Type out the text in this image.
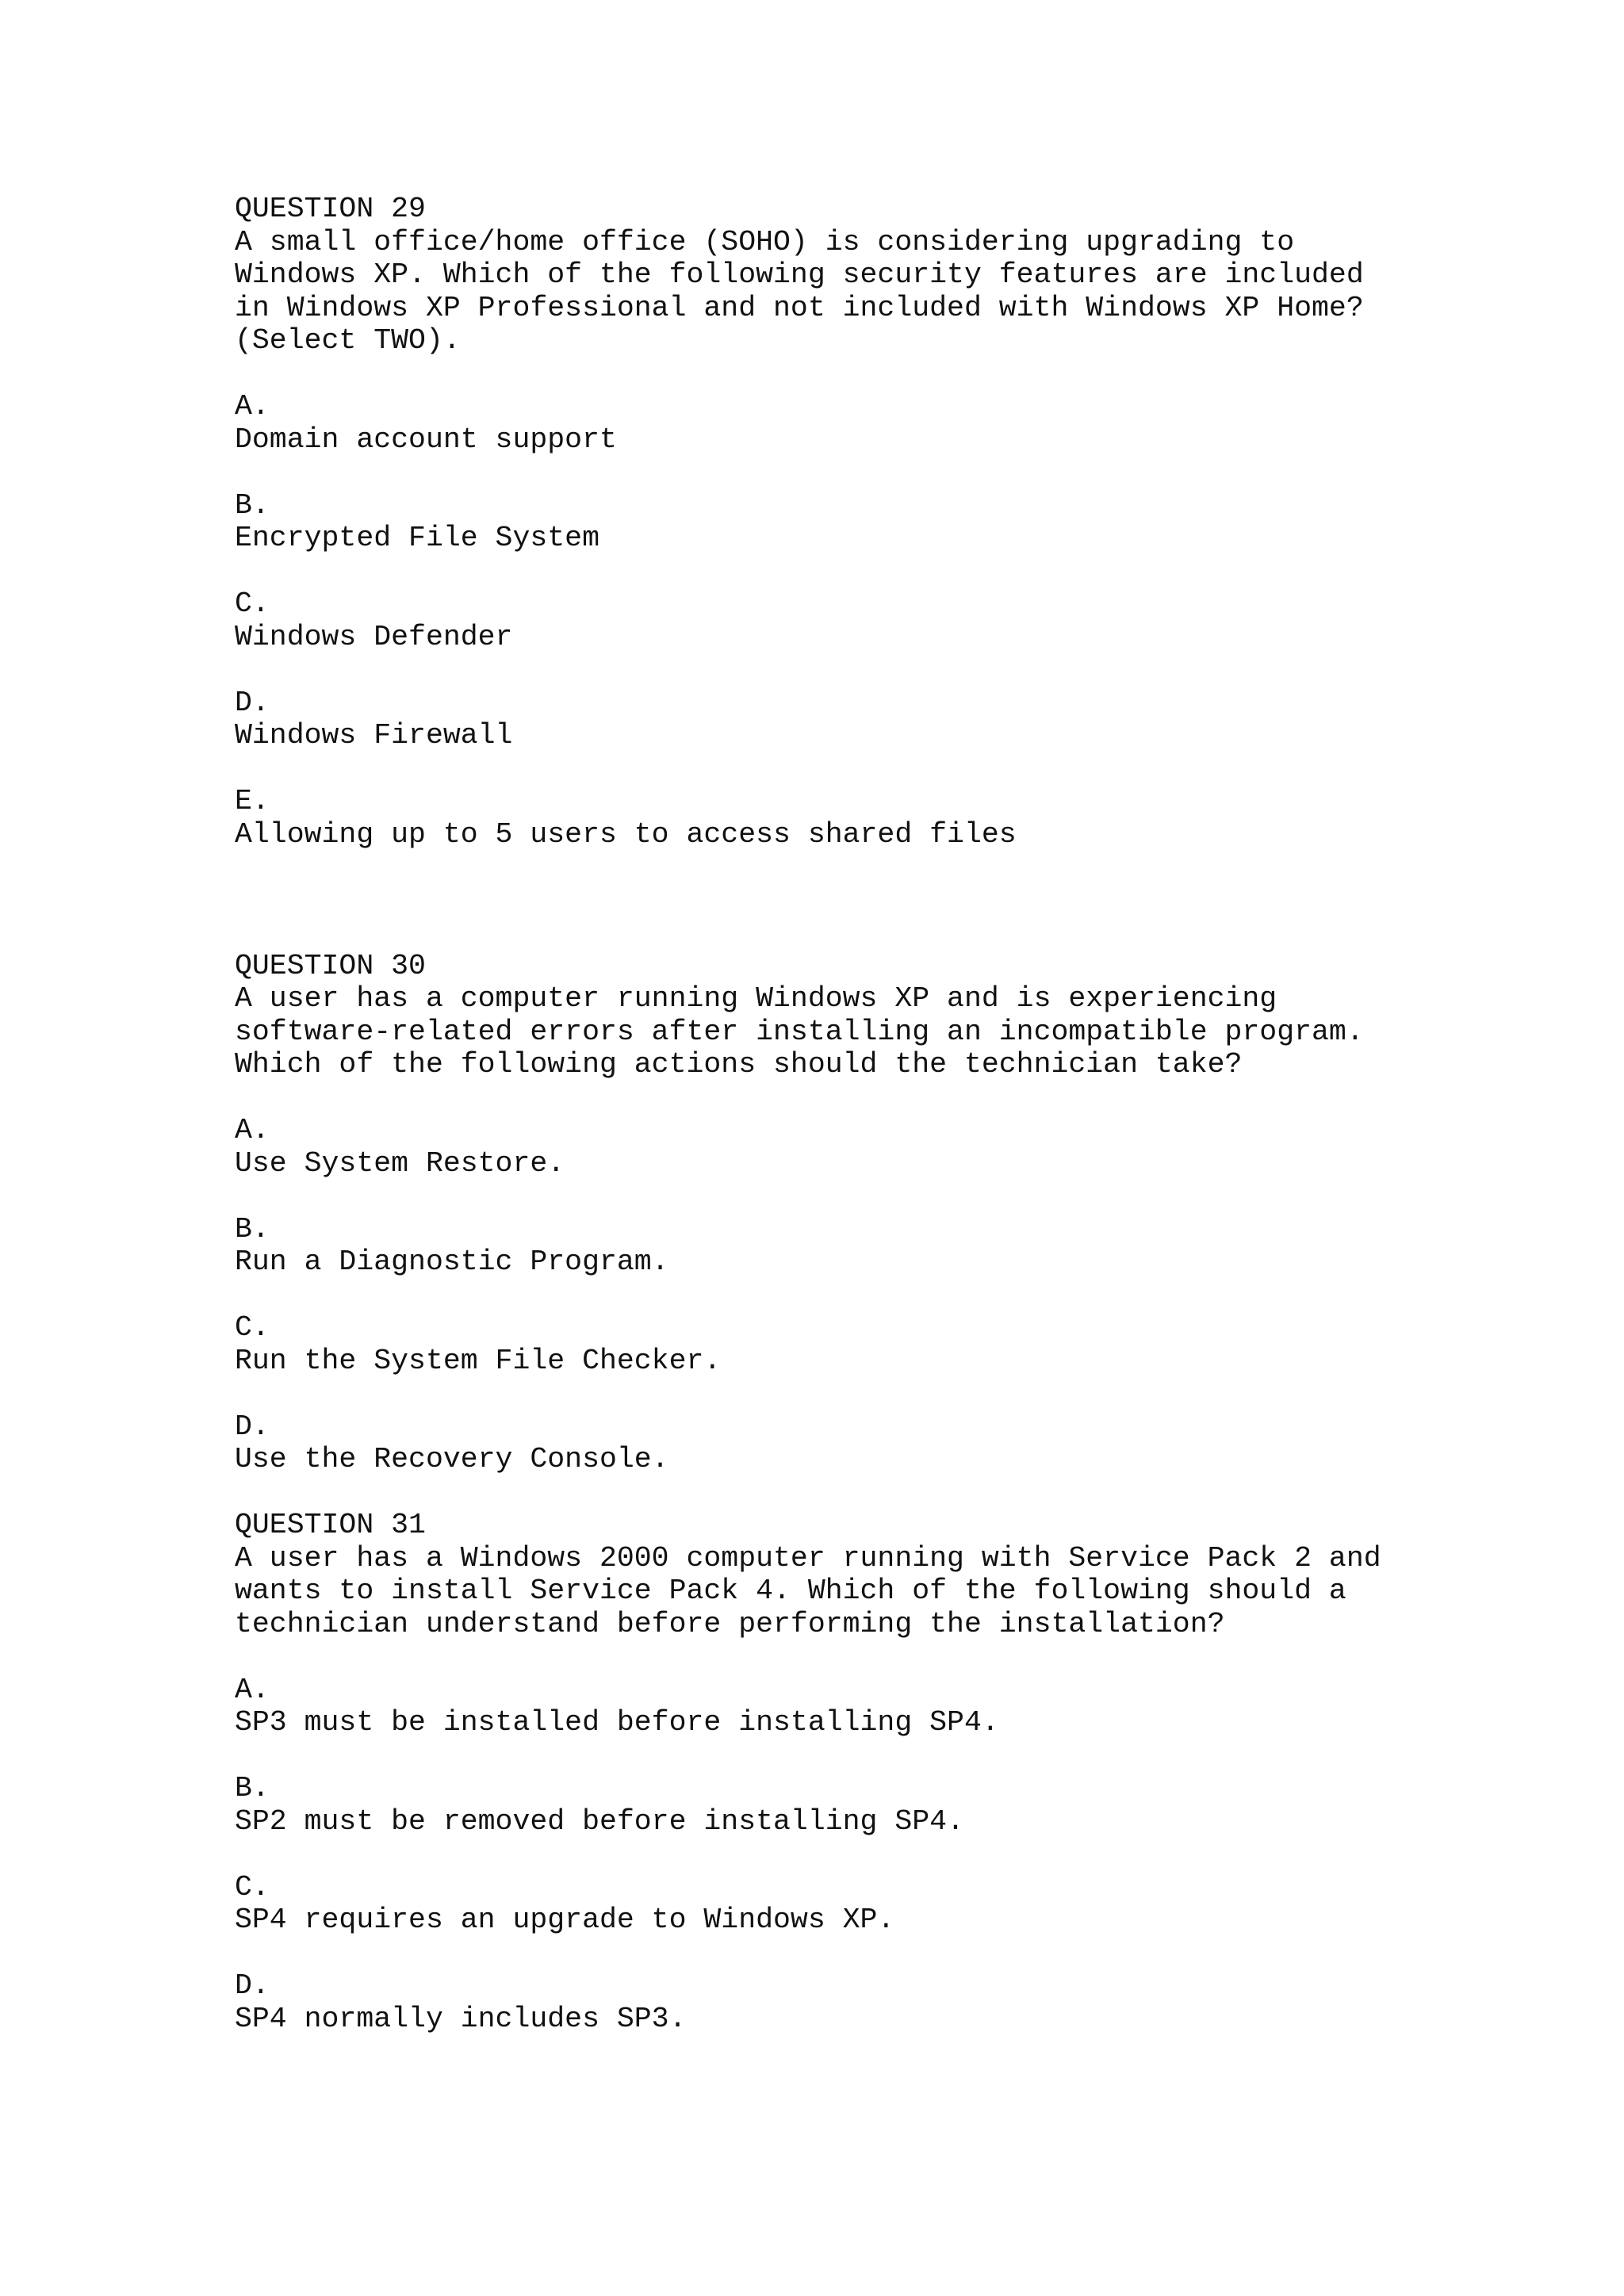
QUESTION 29
A small office/home office (SOHO) is considering upgrading to
Windows XP. Which of the following security features are included
in Windows XP Professional and not included with Windows XP Home?
(Select TWO).
A.
Domain account support
B.
Encrypted File System
C.
Windows Defender
D.
Windows Firewall
E.
Allowing up to 5 users to access shared files
QUESTION 30
A user has a computer running Windows XP and is experiencing
software-related errors after installing an incompatible program.
Which of the following actions should the technician take?
A.
Use System Restore.
B.
Run a Diagnostic Program.
C.
Run the System File Checker.
D.
Use the Recovery Console.
QUESTION 31
A user has a Windows 2000 computer running with Service Pack 2 and
wants to install Service Pack 4. Which of the following should a
technician understand before performing the installation?
A.
SP3 must be installed before installing SP4.
B.
SP2 must be removed before installing SP4.
C.
SP4 requires an upgrade to Windows XP.
D.
SP4 normally includes SP3.
